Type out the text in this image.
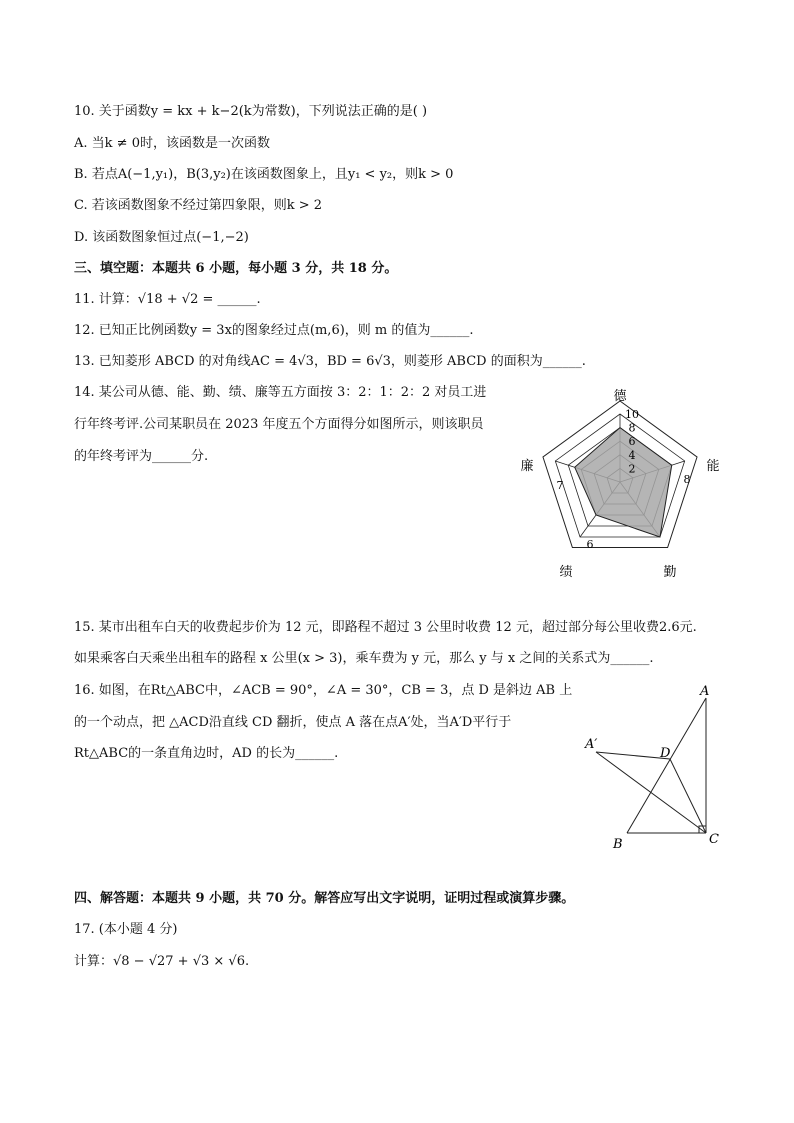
10. 关于函数y = kx + k−2(k为常数)，下列说法正确的是( )
A. 当k ≠ 0时，该函数是一次函数
B. 若点A(−1,y₁)，B(3,y₂)在该函数图象上，且y₁ < y₂，则k > 0
C. 若该函数图象不经过第四象限，则k > 2
D. 该函数图象恒过点(−1,−2)
三、填空题：本题共 6 小题，每小题 3 分，共 18 分。
11. 计算：√18 + √2 = ______.
12. 已知正比例函数y = 3x的图象经过点(m,6)，则 m 的值为______.
13. 已知菱形 ABCD 的对角线AC = 4√3，BD = 6√3，则菱形 ABCD 的面积为______.
14. 某公司从德、能、勤、绩、廉等五方面按 3：2：1：2：2 对员工进
行年终考评.公司某职员在 2023 年度五个方面得分如图所示，则该职员
的年终考评为______分.
2
4
6
8
10
德
能
勤
绩
廉
8
6
7
15. 某市出租车白天的收费起步价为 12 元，即路程不超过 3 公里时收费 12 元，超过部分每公里收费2.6元.
如果乘客白天乘坐出租车的路程 x 公里(x > 3)，乘车费为 y 元，那么 y 与 x 之间的关系式为______.
16. 如图，在Rt△ABC中，∠ACB = 90°，∠A = 30°，CB = 3，点 D 是斜边 AB 上
的一个动点，把 △ACD沿直线 CD 翻折，使点 A 落在点A′处，当A′D平行于
Rt△ABC的一条直角边时，AD 的长为______.
A
A′
D
B	C
四、解答题：本题共 9 小题，共 70 分。解答应写出文字说明，证明过程或演算步骤。
17. (本小题 4 分)
计算：√8 − √27 + √3 × √6.
